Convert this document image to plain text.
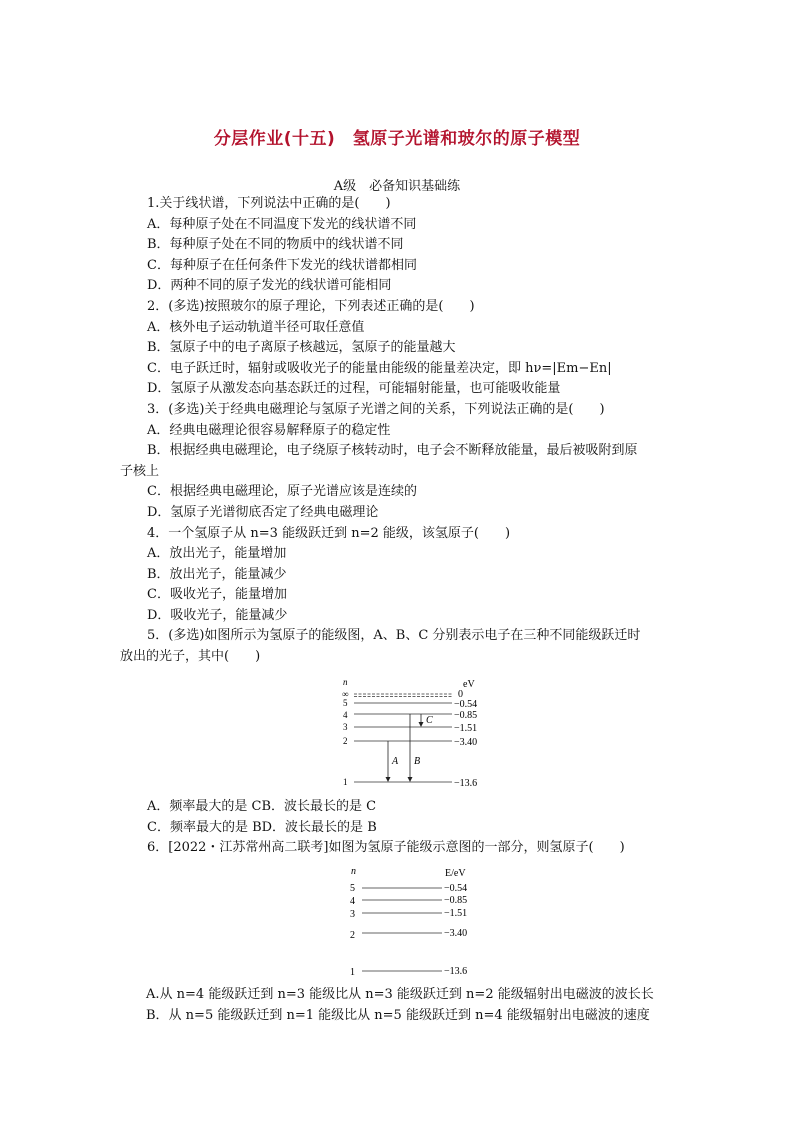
分层作业(十五)　氢原子光谱和玻尔的原子模型
A级　必备知识基础练
1.关于线状谱，下列说法中正确的是(　　)
A．每种原子处在不同温度下发光的线状谱不同
B．每种原子处在不同的物质中的线状谱不同
C．每种原子在任何条件下发光的线状谱都相同
D．两种不同的原子发光的线状谱可能相同
2．(多选)按照玻尔的原子理论，下列表述正确的是(　　)
A．核外电子运动轨道半径可取任意值
B．氢原子中的电子离原子核越远，氢原子的能量越大
C．电子跃迁时，辐射或吸收光子的能量由能级的能量差决定，即 hν=|Em−En|
D．氢原子从激发态向基态跃迁的过程，可能辐射能量，也可能吸收能量
3．(多选)关于经典电磁理论与氢原子光谱之间的关系，下列说法正确的是(　　)
A．经典电磁理论很容易解释原子的稳定性
B．根据经典电磁理论，电子绕原子核转动时，电子会不断释放能量，最后被吸附到原
子核上
C．根据经典电磁理论，原子光谱应该是连续的
D．氢原子光谱彻底否定了经典电磁理论
4．一个氢原子从 n=3 能级跃迁到 n=2 能级，该氢原子(　　)
A．放出光子，能量增加
B．放出光子，能量减少
C．吸收光子，能量增加
D．吸收光子，能量减少
5．(多选)如图所示为氢原子的能级图，A、B、C 分别表示电子在三种不同能级跃迁时
放出的光子，其中(　　)
n	eV
∞	0
5	−0.54
4	−0.85
3	−1.51
2	−3.40
1	−13.6
A B
C
A．频率最大的是 CB．波长最长的是 C
C．频率最大的是 BD．波长最长的是 B
6．[2022・江苏常州高二联考]如图为氢原子能级示意图的一部分，则氢原子(　　)
n	E/eV
5	−0.54
4	−0.85
3	−1.51
2	−3.40
1	−13.6
A.从 n=4 能级跃迁到 n=3 能级比从 n=3 能级跃迁到 n=2 能级辐射出电磁波的波长长
B．从 n=5 能级跃迁到 n=1 能级比从 n=5 能级跃迁到 n=4 能级辐射出电磁波的速度
